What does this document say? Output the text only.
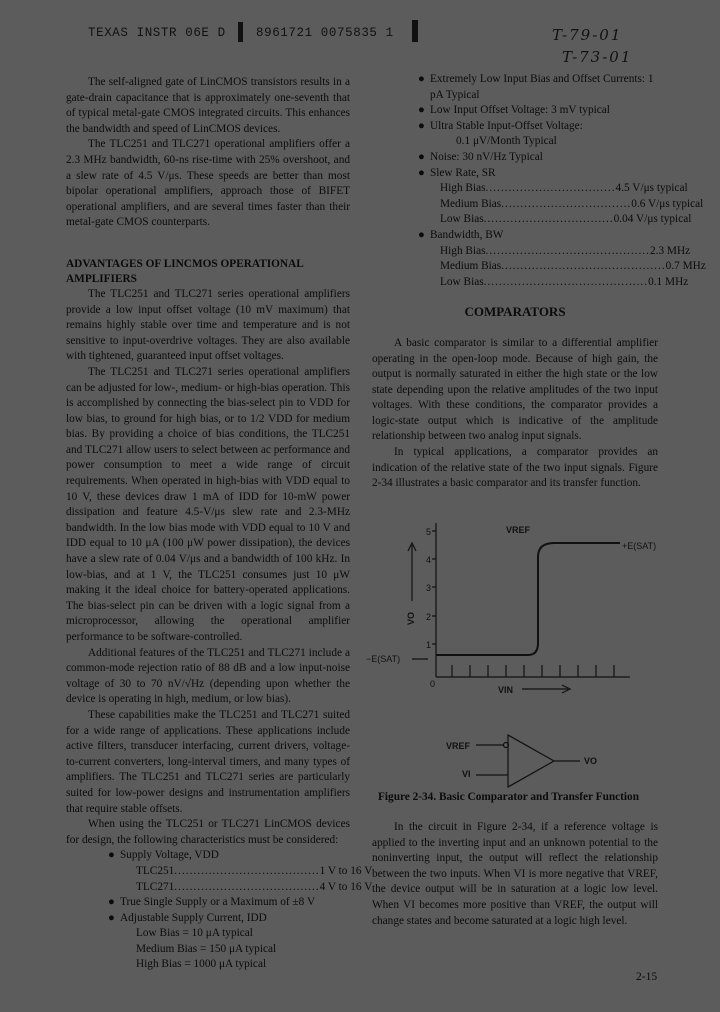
TEXAS INSTR 06E D 8961721 0075835 1	T-79-01
T-73-01

The self-aligned gate of LinCMOS transistors results in a gate-drain capacitance that is approximately one-seventh that of typical metal-gate CMOS integrated circuits. This enhances the bandwidth and speed of LinCMOS devices.

The TLC251 and TLC271 operational amplifiers offer a 2.3 MHz bandwidth, 60-ns rise-time with 25% overshoot, and a slew rate of 4.5 V/μs. These speeds are better than most bipolar operational amplifiers, approach those of BIFET operational amplifiers, and are several times faster than their metal-gate CMOS counterparts.

ADVANTAGES OF LINCMOS OPERATIONAL AMPLIFIERS

The TLC251 and TLC271 series operational amplifiers provide a low input offset voltage (10 mV maximum) that remains highly stable over time and temperature and is not sensitive to input-overdrive voltages. They are also available with tightened, guaranteed input offset voltages.

The TLC251 and TLC271 series operational amplifiers can be adjusted for low-, medium- or high-bias operation. This is accomplished by connecting the bias-select pin to VDD for low bias, to ground for high bias, or to 1/2 VDD for medium bias. By providing a choice of bias conditions, the TLC251 and TLC271 allow users to select between ac performance and power consumption to meet a wide range of circuit requirements. When operated in high-bias with VDD equal to 10 V, these devices draw 1 mA of IDD for 10-mW power dissipation and feature 4.5-V/μs slew rate and 2.3-MHz bandwidth. In the low bias mode with VDD equal to 10 V and IDD equal to 10 μA (100 μW power dissipation), the devices have a slew rate of 0.04 V/μs and a bandwidth of 100 kHz. In low-bias, and at 1 V, the TLC251 consumes just 10 μW making it the ideal choice for battery-operated applications. The bias-select pin can be driven with a logic signal from a microprocessor, allowing the operational amplifier performance to be software-controlled.

Additional features of the TLC251 and TLC271 include a common-mode rejection ratio of 88 dB and a low input-noise voltage of 30 to 70 nV/√Hz (depending upon whether the device is operating in high, medium, or low bias).

These capabilities make the TLC251 and TLC271 suited for a wide range of applications. These applications include active filters, transducer interfacing, current drivers, voltage-to-current converters, long-interval timers, and many types of amplifiers. The TLC251 and TLC271 series are particularly suited for low-power designs and instrumentation amplifiers that require stable offsets.

When using the TLC251 or TLC271 LinCMOS devices for design, the following characteristics must be considered:

● Supply Voltage, VDD
TLC251 ...................................... 1 V to 16 V
TLC271 ...................................... 4 V to 16 V
● True Single Supply or a Maximum of ±8 V
● Adjustable Supply Current, IDD
Low Bias = 10 μA typical
Medium Bias = 150 μA typical
High Bias = 1000 μA typical
● Extremely Low Input Bias and Offset Currents: 1 pA Typical
● Low Input Offset Voltage: 3 mV typical
● Ultra Stable Input-Offset Voltage:
0.1 μV/Month Typical
● Noise: 30 nV/Hz Typical
● Slew Rate, SR
High Bias .................................. 4.5 V/μs typical
Medium Bias .................................. 0.6 V/μs typical
Low Bias .................................. 0.04 V/μs typical
● Bandwidth, BW
High Bias ........................................... 2.3 MHz
Medium Bias ........................................... 0.7 MHz
Low Bias ........................................... 0.1 MHz
COMPARATORS

A basic comparator is similar to a differential amplifier operating in the open-loop mode. Because of high gain, the output is normally saturated in either the high state or the low state depending upon the relative amplitudes of the two input voltages. With these conditions, the comparator provides a logic-state output which is indicative of the amplitude relationship between two analog input signals.

In typical applications, a comparator provides an indication of the relative state of the two input signals. Figure 2-34 illustrates a basic comparator and its transfer function.

VREF
+E(SAT)
−E(SAT)
5
4
3
2
1
0
VIN
VO
VREF
VI
VO
Figure 2-34. Basic Comparator and Transfer Function

In the circuit in Figure 2-34, if a reference voltage is applied to the inverting input and an unknown potential to the noninverting input, the output will reflect the relationship between the two inputs. When VI is more negative that VREF, the device output will be in saturation at a logic low level. When VI becomes more positive than VREF, the output will change states and become saturated at a logic high level.

2-15
